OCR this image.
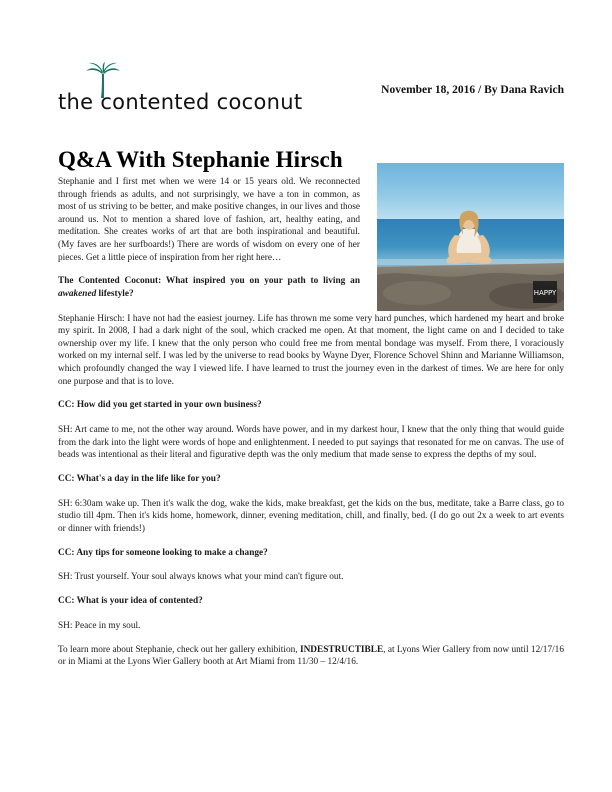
the contented coconut	November 18, 2016 / By Dana Ravich
Q&A With Stephanie Hirsch
HAPPY

Stephanie and I first met when we were 14 or 15 years old. We reconnected through friends as adults, and not surprisingly, we have a ton in common, as most of us striving to be better, and make positive changes, in our lives and those around us. Not to mention a shared love of fashion, art, healthy eating, and meditation. She creates works of art that are both inspirational and beautiful. (My faves are her surfboards!) There are words of wisdom on every one of her pieces. Get a little piece of inspiration from her right here…

The Contented Coconut: What inspired you on your path to living an awakened lifestyle?

Stephanie Hirsch: I have not had the easiest journey. Life has thrown me some very hard punches, which hardened my heart and broke my spirit. In 2008, I had a dark night of the soul, which cracked me open. At that moment, the light came on and I decided to take ownership over my life. I knew that the only person who could free me from mental bondage was myself. From there, I voraciously worked on my internal self. I was led by the universe to read books by Wayne Dyer, Florence Schovel Shinn and Marianne Williamson, which profoundly changed the way I viewed life. I have learned to trust the journey even in the darkest of times. We are here for only one purpose and that is to love.

CC: How did you get started in your own business?

SH: Art came to me, not the other way around. Words have power, and in my darkest hour, I knew that the only thing that would guide from the dark into the light were words of hope and enlightenment. I needed to put sayings that resonated for me on canvas. The use of beads was intentional as their literal and figurative depth was the only medium that made sense to express the depths of my soul.

CC: What's a day in the life like for you?

SH: 6:30am wake up. Then it's walk the dog, wake the kids, make breakfast, get the kids on the bus, meditate, take a Barre class, go to studio till 4pm. Then it's kids home, homework, dinner, evening meditation, chill, and finally, bed. (I do go out 2x a week to art events or dinner with friends!)

CC: Any tips for someone looking to make a change?

SH: Trust yourself. Your soul always knows what your mind can't figure out.

CC: What is your idea of contented?

SH: Peace in my soul.

To learn more about Stephanie, check out her gallery exhibition, INDESTRUCTIBLE, at Lyons Wier Gallery from now until 12/17/16 or in Miami at the Lyons Wier Gallery booth at Art Miami from 11/30 – 12/4/16.
